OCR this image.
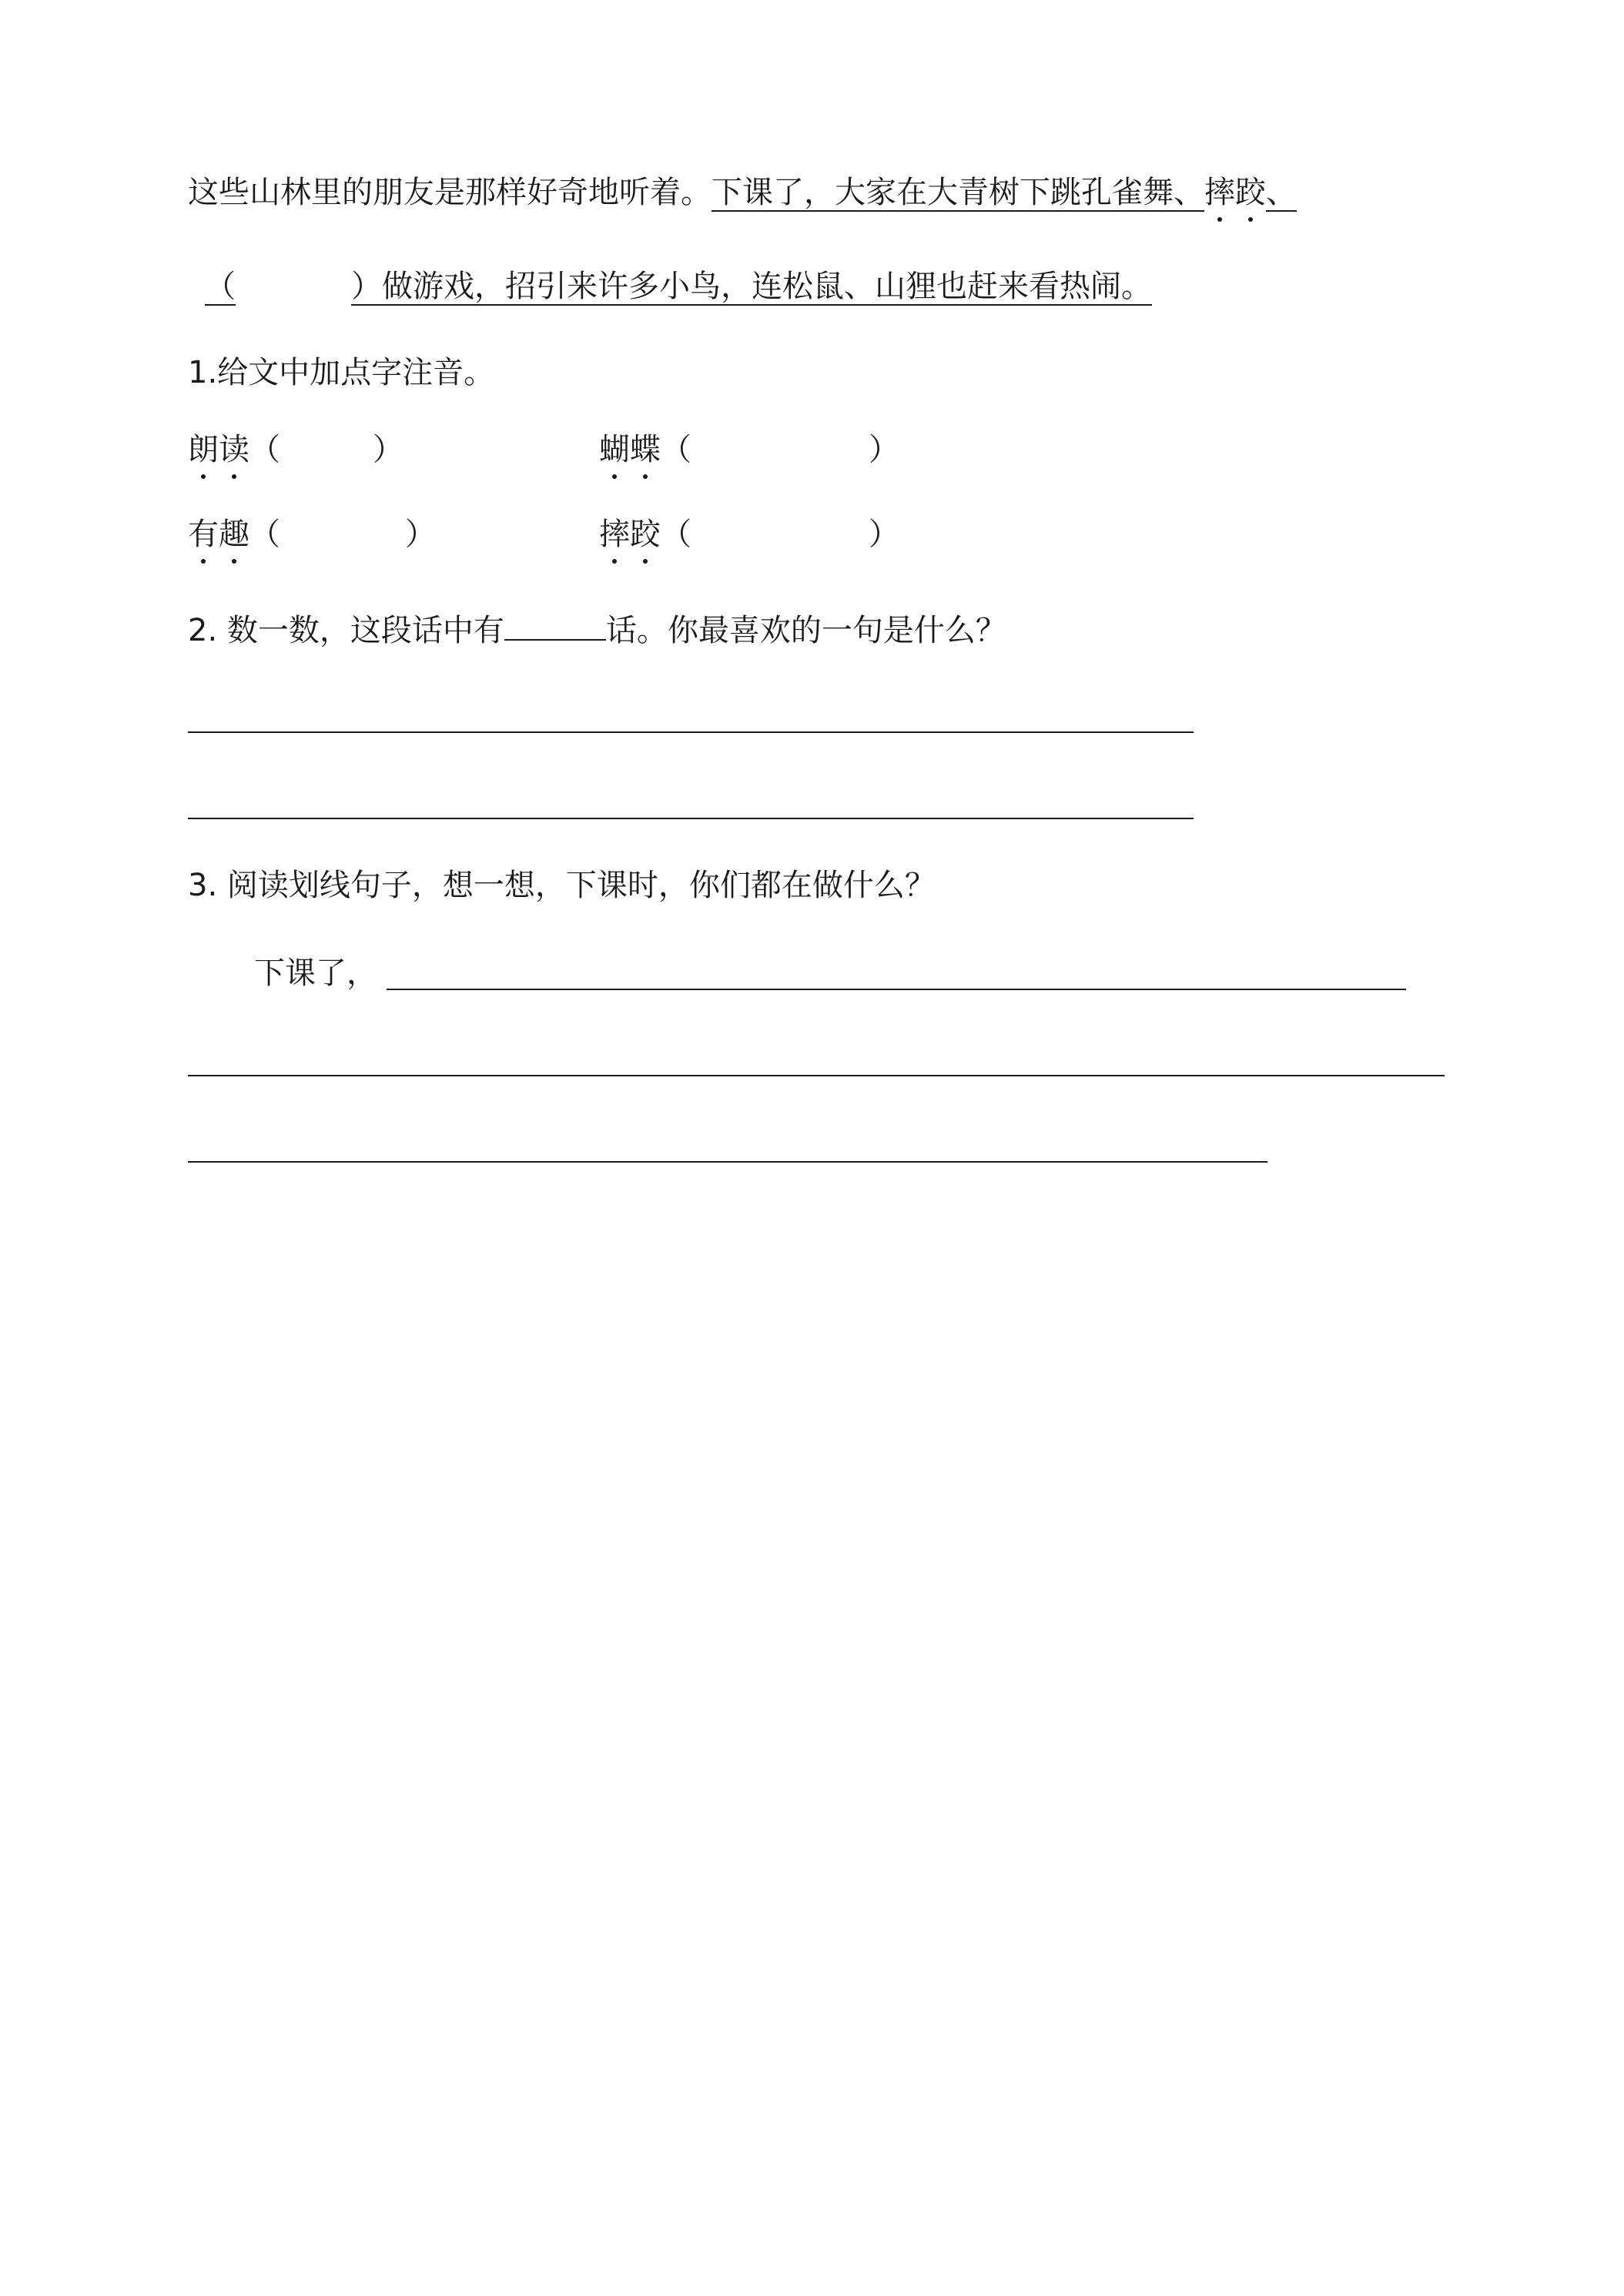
这些山林里的朋友是那样好奇地听着。下课了，大家在大青树下跳孔雀舞、摔跤、
（	）做游戏，招引来许多小鸟，连松鼠、山狸也赶来看热闹。
1.给文中加点字注音。
朗读（	）	蝴蝶（	）
有趣（	）	摔跤（	）
2. 数一数，这段话中有	话。你最喜欢的一句是什么？
3. 阅读划线句子，想一想，下课时，你们都在做什么？
下课了，
